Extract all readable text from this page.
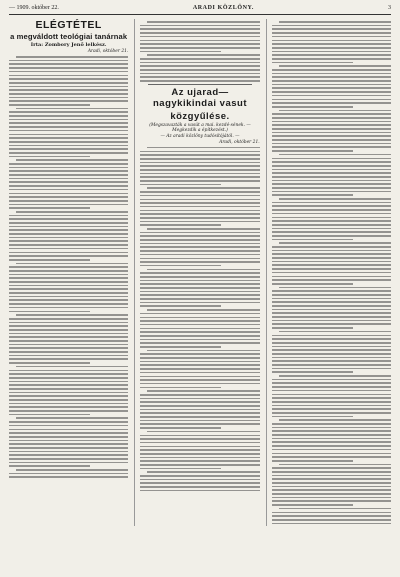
— 1909. október 22.	ARADI KÖZLÖNY.	3
ELÉGTÉTEL
a megváldott teológiai tanárnak
Irta: Zombory Jenő lelkész.
Aradi, október 21.
Az ujarad—nagykikindai vasut
közgyűlése.
(Megszavazták a vasút a mai. kezdé-sének. — Megkezdik a építkezést.)
— Az aradi közlöny tudósítójától. —
Aradi, október 21.
